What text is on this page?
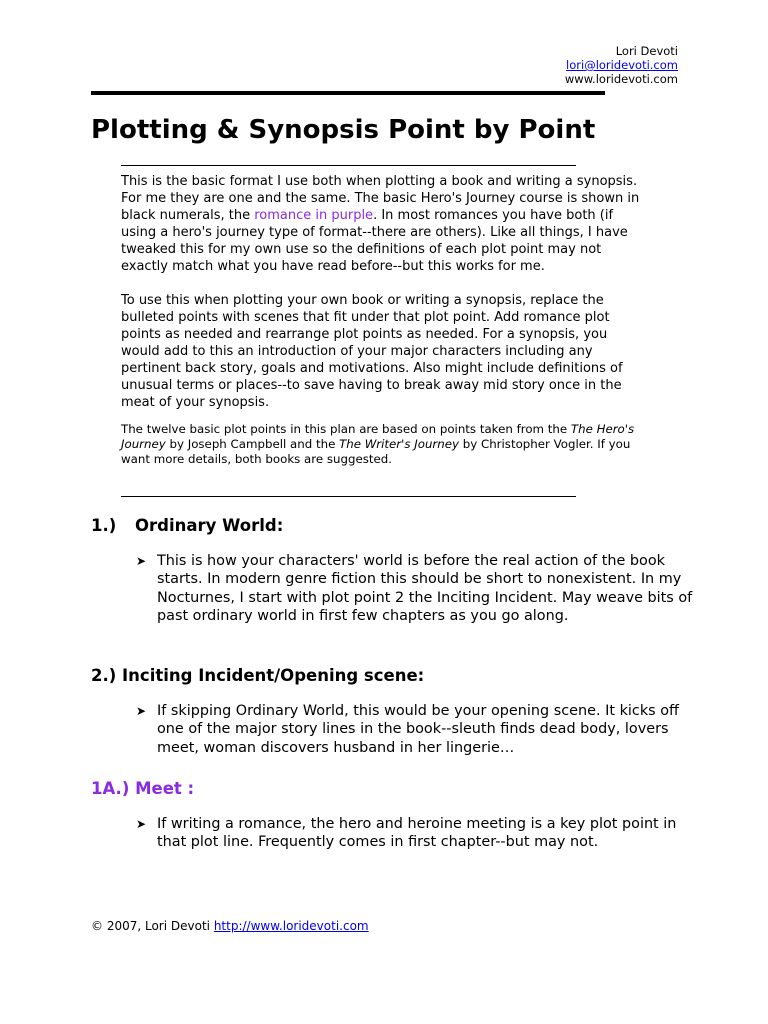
Lori Devoti
lori@loridevoti.com
www.loridevoti.com
Plotting & Synopsis Point by Point

This is the basic format I use both when plotting a book and writing a synopsis. For me they are one and the same. The basic Hero's Journey course is shown in black numerals, the romance in purple. In most romances you have both (if using a hero's journey type of format--there are others). Like all things, I have tweaked this for my own use so the definitions of each plot point may not exactly match what you have read before--but this works for me.

To use this when plotting your own book or writing a synopsis, replace the bulleted points with scenes that fit under that plot point. Add romance plot points as needed and rearrange plot points as needed. For a synopsis, you would add to this an introduction of your major characters including any pertinent back story, goals and motivations. Also might include definitions of unusual terms or places--to save having to break away mid story once in the meat of your synopsis.

The twelve basic plot points in this plan are based on points taken from the The Hero's Journey by Joseph Campbell and the The Writer's Journey by Christopher Vogler. If you want more details, both books are suggested.

1.) Ordinary World:

➤ This is how your characters' world is before the real action of the book starts. In modern genre fiction this should be short to nonexistent. In my Nocturnes, I start with plot point 2 the Inciting Incident. May weave bits of past ordinary world in first few chapters as you go along.

2.) Inciting Incident/Opening scene:

➤ If skipping Ordinary World, this would be your opening scene. It kicks off one of the major story lines in the book--sleuth finds dead body, lovers meet, woman discovers husband in her lingerie…

1A.) Meet :

➤ If writing a romance, the hero and heroine meeting is a key plot point in that plot line. Frequently comes in first chapter--but may not.

© 2007, Lori Devoti http://www.loridevoti.com
